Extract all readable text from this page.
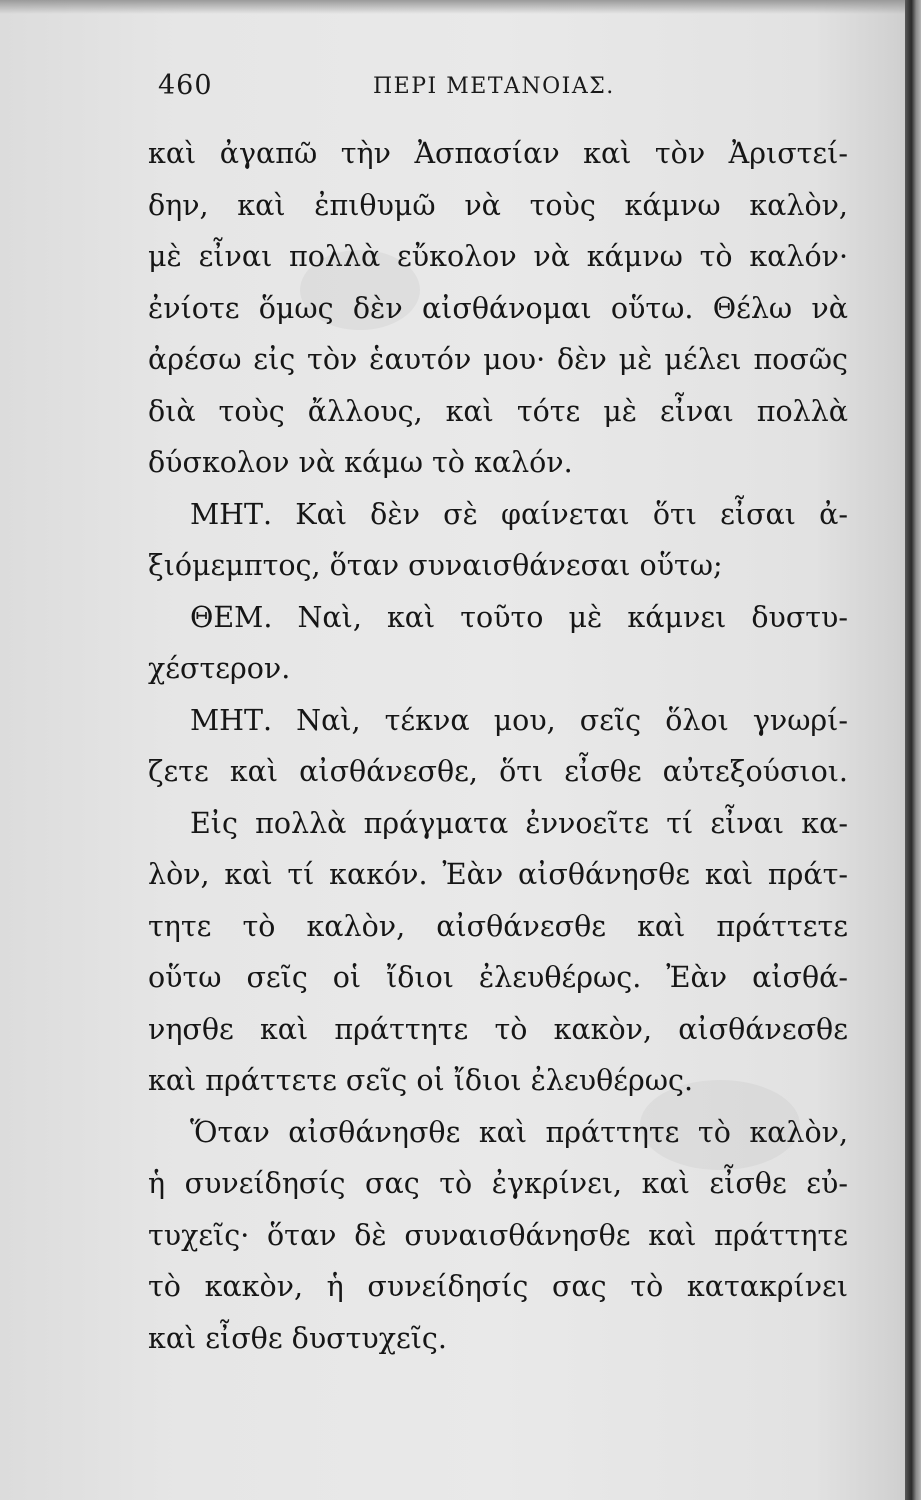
460	ΠΕΡΙ ΜΕΤΑΝΟΙΑΣ.
καὶ ἀγαπῶ τὴν Ἀσπασίαν καὶ τὸν Ἀριστεί-
δην, καὶ ἐπιθυμῶ νὰ τοὺς κάμνω καλὸν,
μὲ εἶναι πολλὰ εὔκολον νὰ κάμνω τὸ καλόν·
ἐνίοτε ὅμως δὲν αἰσθάνομαι οὕτω. Θέλω νὰ
ἀρέσω εἰς τὸν ἑαυτόν μου· δὲν μὲ μέλει ποσῶς
διὰ τοὺς ἄλλους, καὶ τότε μὲ εἶναι πολλὰ
δύσκολον νὰ κάμω τὸ καλόν.
ΜΗΤ. Καὶ δὲν σὲ φαίνεται ὅτι εἶσαι ἀ-
ξιόμεμπτος, ὅταν συναισθάνεσαι οὕτω;
ΘΕΜ. Ναὶ, καὶ τοῦτο μὲ κάμνει δυστυ-
χέστερον.
ΜΗΤ. Ναὶ, τέκνα μου, σεῖς ὅλοι γνωρί-
ζετε καὶ αἰσθάνεσθε, ὅτι εἶσθε αὐτεξούσιοι.
Εἰς πολλὰ πράγματα ἐννοεῖτε τί εἶναι κα-
λὸν, καὶ τί κακόν. Ἐὰν αἰσθάνησθε καὶ πράτ-
τητε τὸ καλὸν, αἰσθάνεσθε καὶ πράττετε
οὕτω σεῖς οἱ ἴδιοι ἐλευθέρως. Ἐὰν αἰσθά-
νησθε καὶ πράττητε τὸ κακὸν, αἰσθάνεσθε
καὶ πράττετε σεῖς οἱ ἴδιοι ἐλευθέρως.
Ὅταν αἰσθάνησθε καὶ πράττητε τὸ καλὸν,
ἡ συνείδησίς σας τὸ ἐγκρίνει, καὶ εἶσθε εὐ-
τυχεῖς· ὅταν δὲ συναισθάνησθε καὶ πράττητε
τὸ κακὸν, ἡ συνείδησίς σας τὸ κατακρίνει
καὶ εἶσθε δυστυχεῖς.
